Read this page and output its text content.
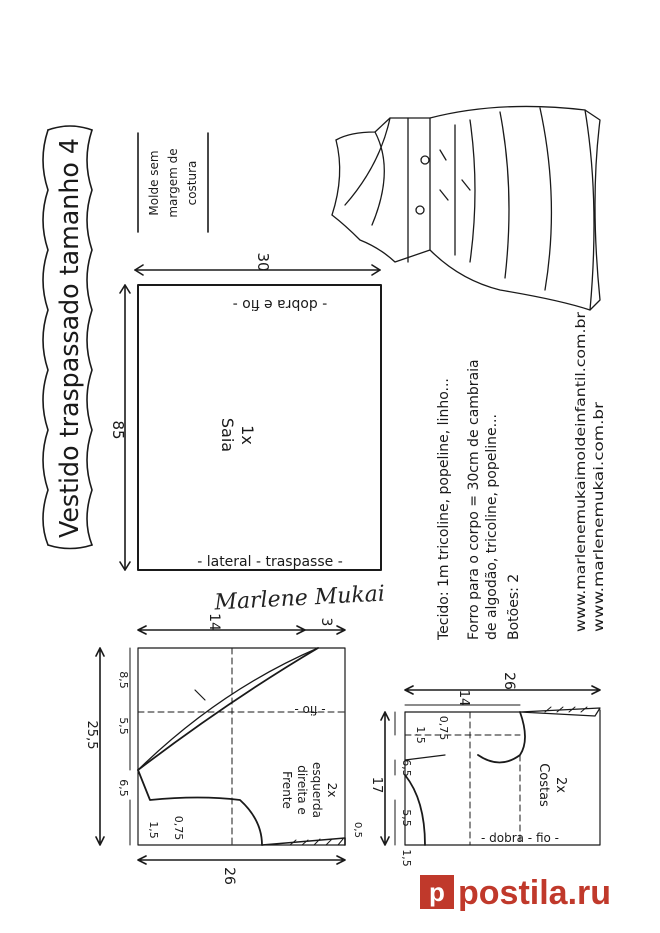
Vestido traspassado tamanho 4	Molde sem margem de costura
30
85
- dobra e fio -
Saia 1x
- lateral - traspasse -
Marlene Mukai	Tecido: 1m tricoline, popeline, linho... Forro para o corpo = 30cm de cambraia de algodão, tricoline, popeline... Botões: 2	www.marlenemukaimoldeinfantil.com.br www.marlenemukai.com.br
14	3
25,5
8,5
5,5
6,5
1,5 0,75
26
0,5
- fio -
Frente direita e esquerda 2x
26
14
17
1,5 0,75
6,5
5,5
1,5
Costas 2x
- dobra - fio -
p postila.ru
